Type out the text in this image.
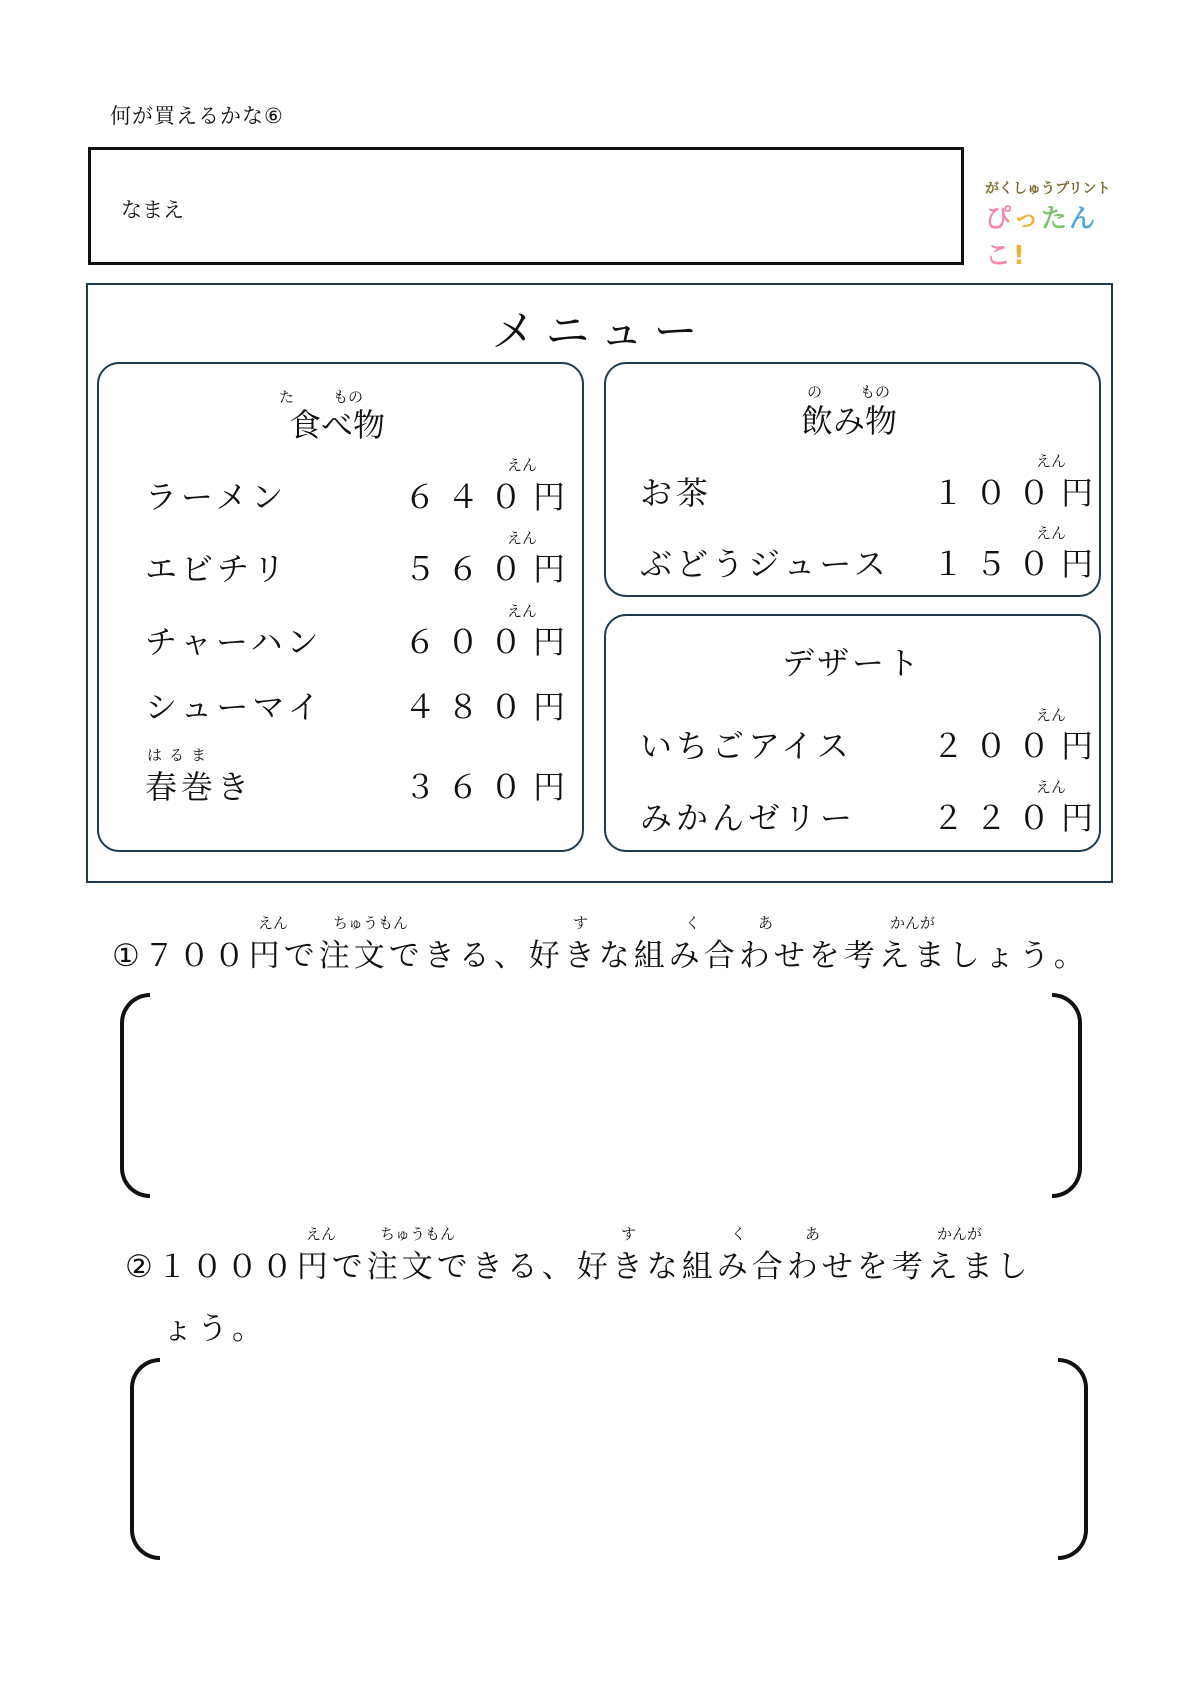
何が買えるかな⑥
なまえ
がくしゅうプリント
ぴったんこ!
メニュー
た	もの
食べ物
えん
ラーメン	６４０円
えん
エビチリ	５６０円
えん
チャーハン	６００円
シューマイ	４８０円
はるま
春巻き	３６０円
の	もの
飲み物
えん
お茶	１００円
えん
ぶどうジュース １５０円
デザート
えん
いちごアイス ２００円
えん
みかんゼリー ２２０円
えん	ちゅうもん	す	く	あ	かんが
①７００円で注文できる、好きな組み合わせを考えましょう。
えん	ちゅうもん	す	く	あ	かんが
②１０００円で注文できる、好きな組み合わせを考えまし
ょう。
